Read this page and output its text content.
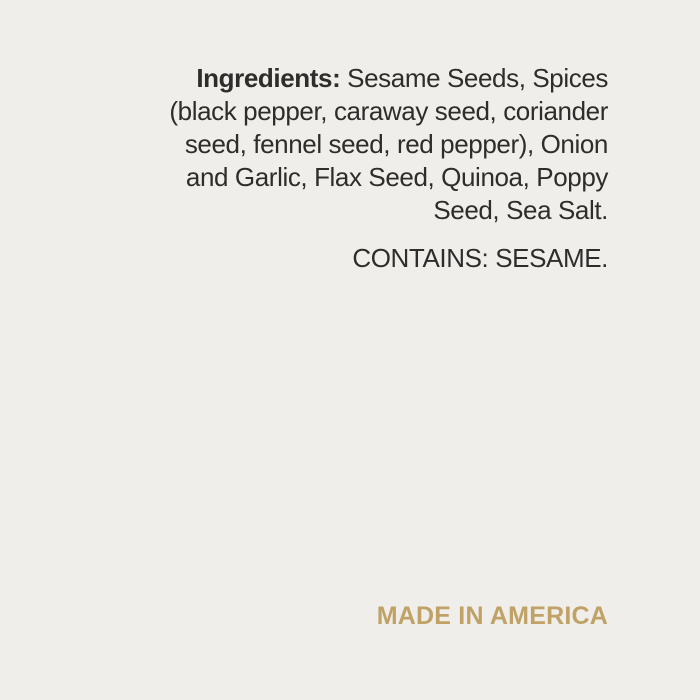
Ingredients: Sesame Seeds, Spices
(black pepper, caraway seed, coriander
seed, fennel seed, red pepper), Onion
and Garlic, Flax Seed, Quinoa, Poppy
Seed, Sea Salt.
CONTAINS: SESAME.
MADE IN AMERICA
